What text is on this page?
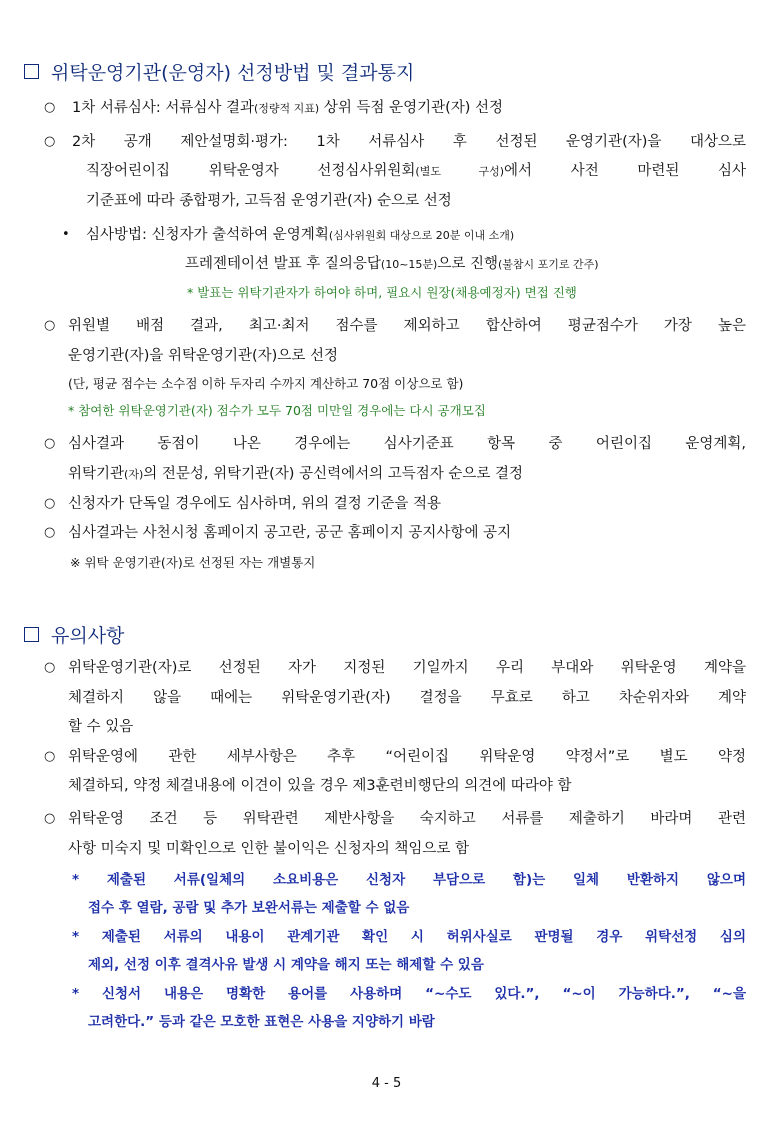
위탁운영기관(운영자) 선정방법 및 결과통지
○ 1차 서류심사: 서류심사 결과(정량적 지표) 상위 득점 운영기관(자) 선정
○ 2차 공개 제안설명회·평가: 1차 서류심사 후 선정된 운영기관(자)을 대상으로
직장어린이집 위탁운영자 선정심사위원회(별도 구성)에서 사전 마련된 심사
기준표에 따라 종합평가, 고득점 운영기관(자) 순으로 선정
• 심사방법: 신청자가 출석하여 운영계획(심사위원회 대상으로 20분 이내 소개)
프레젠테이션 발표 후 질의응답(10~15분)으로 진행(불참시 포기로 간주)
* 발표는 위탁기관자가 하여야 하며, 필요시 원장(채용예정자) 면접 진행
○ 위원별 배점 결과, 최고·최저 점수를 제외하고 합산하여 평균점수가 가장 높은
운영기관(자)을 위탁운영기관(자)으로 선정
(단, 평균 점수는 소수점 이하 두자리 수까지 계산하고 70점 이상으로 함)
* 참여한 위탁운영기관(자) 점수가 모두 70점 미만일 경우에는 다시 공개모집
○ 심사결과 동점이 나온 경우에는 심사기준표 항목 중 어린이집 운영계획,
위탁기관(자)의 전문성, 위탁기관(자) 공신력에서의 고득점자 순으로 결정
○ 신청자가 단독일 경우에도 심사하며, 위의 결정 기준을 적용
○ 심사결과는 사천시청 홈페이지 공고란, 공군 홈페이지 공지사항에 공지
※ 위탁 운영기관(자)로 선정된 자는 개별통지
유의사항
○ 위탁운영기관(자)로 선정된 자가 지정된 기일까지 우리 부대와 위탁운영 계약을
체결하지 않을 때에는 위탁운영기관(자) 결정을 무효로 하고 차순위자와 계약
할 수 있음
○ 위탁운영에 관한 세부사항은 추후 “어린이집 위탁운영 약정서”로 별도 약정
체결하되, 약정 체결내용에 이견이 있을 경우 제3훈련비행단의 의견에 따라야 함
○ 위탁운영 조건 등 위탁관련 제반사항을 숙지하고 서류를 제출하기 바라며 관련
사항 미숙지 및 미확인으로 인한 불이익은 신청자의 책임으로 함
* 제출된 서류(일체의 소요비용은 신청자 부담으로 함)는 일체 반환하지 않으며
접수 후 열람, 공람 및 추가 보완서류는 제출할 수 없음
* 제출된 서류의 내용이 관계기관 확인 시 허위사실로 판명될 경우 위탁선정 심의
제외, 선정 이후 결격사유 발생 시 계약을 해지 또는 해제할 수 있음
* 신청서 내용은 명확한 용어를 사용하며 “~수도 있다.”, “~이 가능하다.”, “~을
고려한다.” 등과 같은 모호한 표현은 사용을 지양하기 바람
4 - 5
